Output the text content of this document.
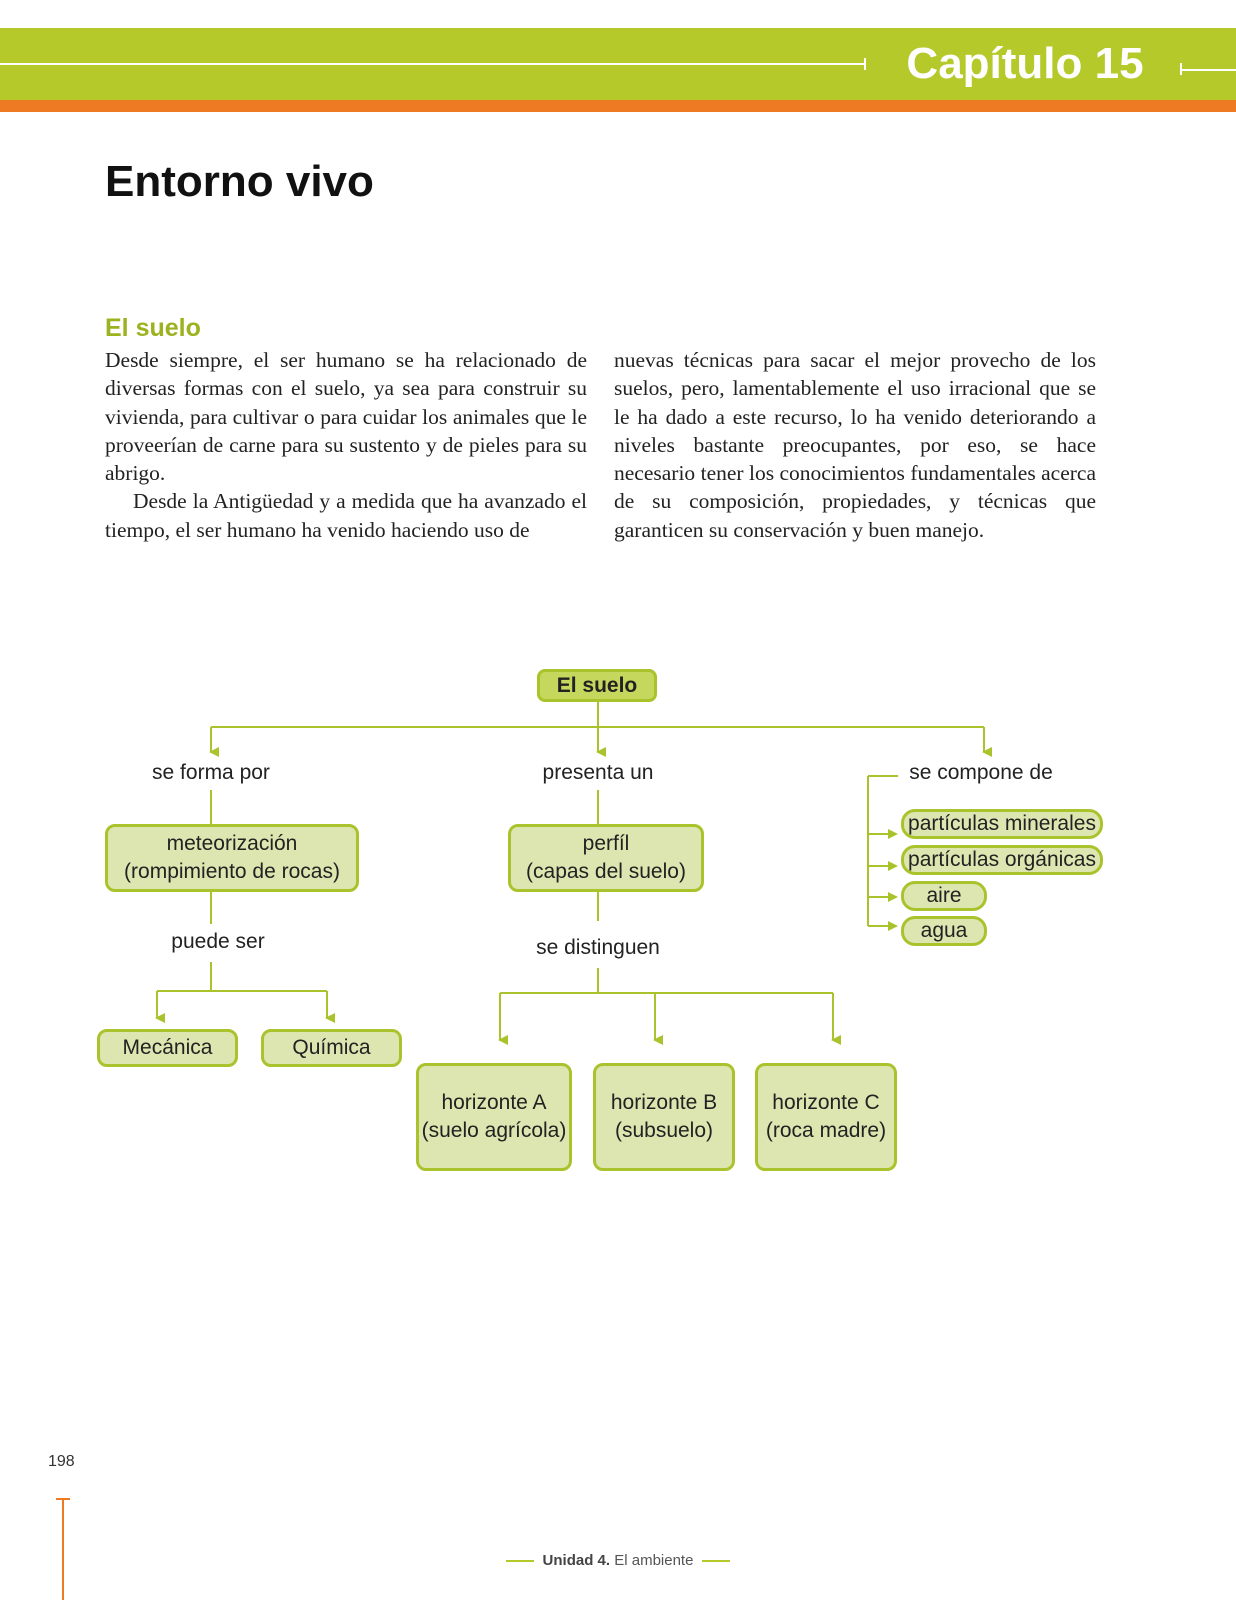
Capítulo 15
Entorno vivo
El suelo

Desde siempre, el ser humano se ha relacionado de diversas formas con el suelo, ya sea para construir su vivienda, para cultivar o para cuidar los animales que le proveerían de carne para su sustento y de pieles para su abrigo.

Desde la Antigüedad y a medida que ha avanzado el tiempo, el ser humano ha venido haciendo uso de

nuevas técnicas para sacar el mejor provecho de los suelos, pero, lamentablemente el uso irracional que se le ha dado a este recurso, lo ha venido deteriorando a niveles bastante preocupantes, por eso, se hace necesario tener los conocimientos fundamentales acerca de su composición, propiedades, y técnicas que garanticen su conservación y buen manejo.

El suelo
se forma por	presenta un	se compone de
meteorización
(rompimiento de rocas)
perfíl
(capas del suelo)
puede ser	se distinguen
Mecánica	Química
horizonte A
(suelo agrícola)
horizonte B
(subsuelo)
horizonte C
(roca madre)
partículas minerales
partículas orgánicas
aire
agua
198
Unidad 4. El ambiente
